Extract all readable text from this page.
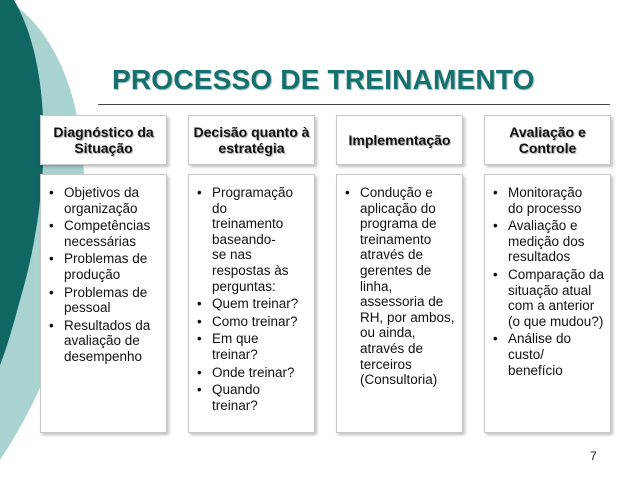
PROCESSO DE TREINAMENTO
Diagnóstico da Situação
• Objetivos da organização
• Competências necessárias
• Problemas de produção
• Problemas de pessoal
• Resultados da avaliação de desempenho
Decisão quanto à estratégia
• Programação do treinamento baseando-se nas respostas às perguntas:
• Quem treinar?
• Como treinar?
• Em que treinar?
• Onde treinar?
• Quando treinar?
Implementação
• Condução e aplicação do programa de treinamento através de gerentes de linha, assessoria de RH, por ambos, ou ainda, através de terceiros (Consultoria)
Avaliação e Controle
• Monitoração do processo
• Avaliação e medição dos resultados
• Comparação da situação atual com a anterior (o que mudou?)
• Análise do custo/ benefício
7
